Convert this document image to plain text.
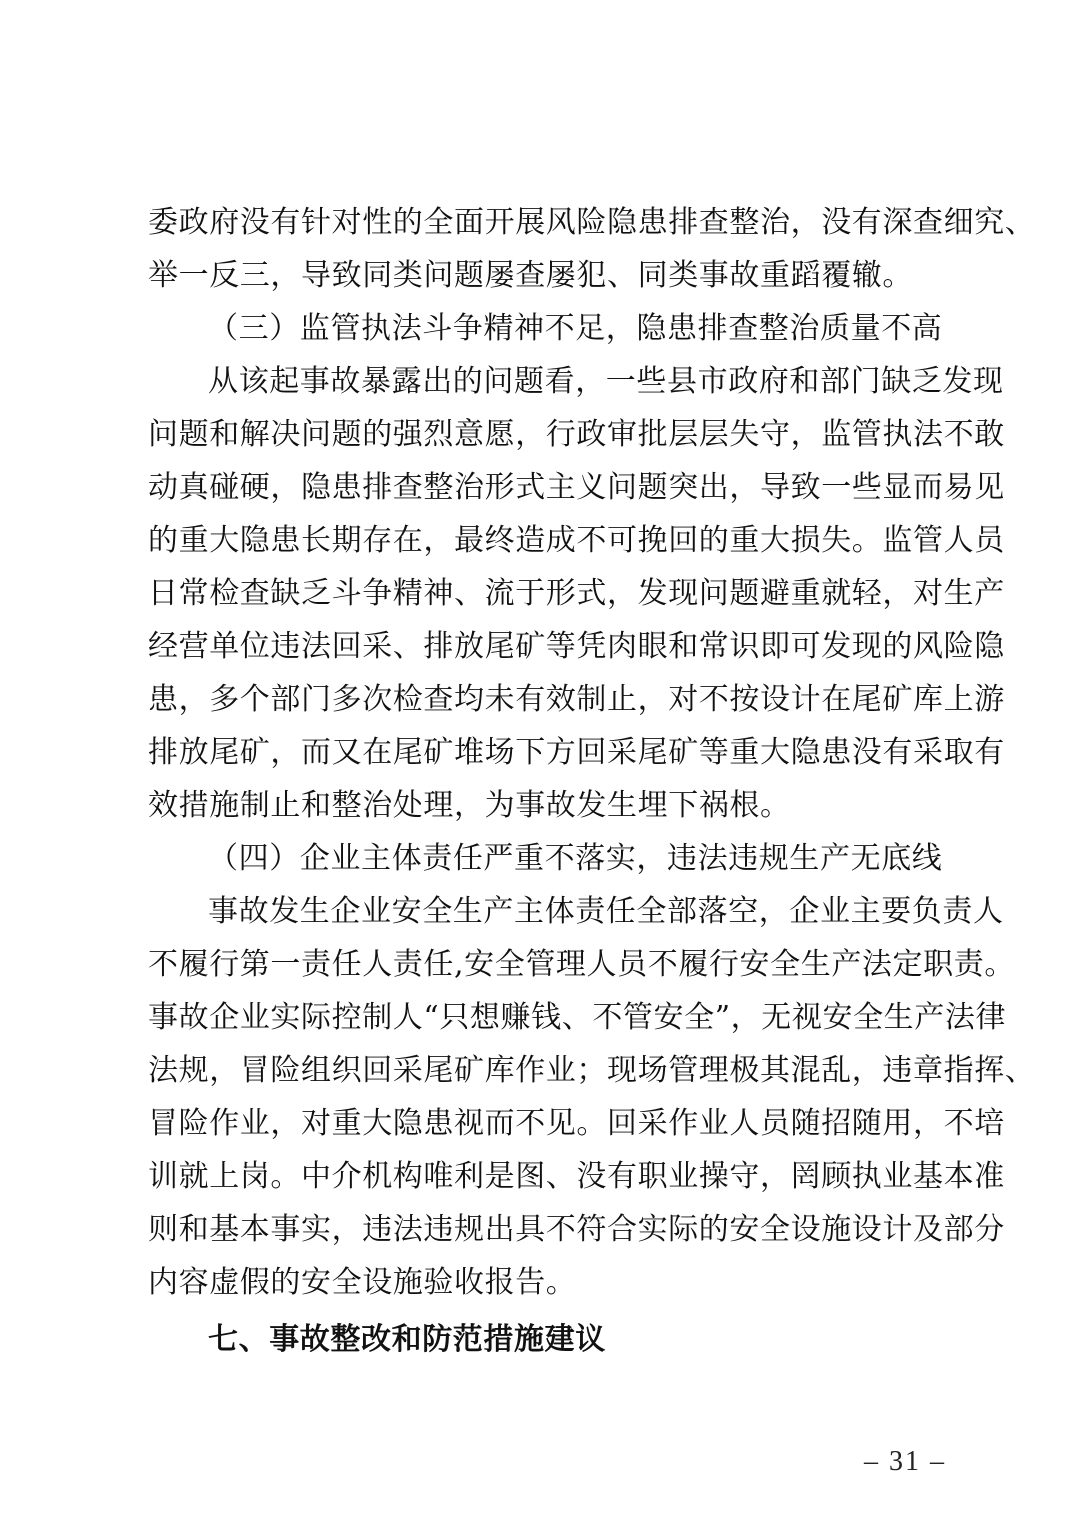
委政府没有针对性的全面开展风险隐患排查整治，没有深查细究、
举一反三，导致同类问题屡查屡犯、同类事故重蹈覆辙。
（三）监管执法斗争精神不足，隐患排查整治质量不高
从该起事故暴露出的问题看，一些县市政府和部门缺乏发现
问题和解决问题的强烈意愿，行政审批层层失守，监管执法不敢
动真碰硬，隐患排查整治形式主义问题突出，导致一些显而易见
的重大隐患长期存在，最终造成不可挽回的重大损失。监管人员
日常检查缺乏斗争精神、流于形式，发现问题避重就轻，对生产
经营单位违法回采、排放尾矿等凭肉眼和常识即可发现的风险隐
患，多个部门多次检查均未有效制止，对不按设计在尾矿库上游
排放尾矿，而又在尾矿堆场下方回采尾矿等重大隐患没有采取有
效措施制止和整治处理，为事故发生埋下祸根。
（四）企业主体责任严重不落实，违法违规生产无底线
事故发生企业安全生产主体责任全部落空，企业主要负责人
不履行第一责任人责任,安全管理人员不履行安全生产法定职责。
事故企业实际控制人“只想赚钱、不管安全”，无视安全生产法律
法规，冒险组织回采尾矿库作业；现场管理极其混乱，违章指挥、
冒险作业，对重大隐患视而不见。回采作业人员随招随用，不培
训就上岗。中介机构唯利是图、没有职业操守，罔顾执业基本准
则和基本事实，违法违规出具不符合实际的安全设施设计及部分
内容虚假的安全设施验收报告。
七、事故整改和防范措施建议
– 31 –
